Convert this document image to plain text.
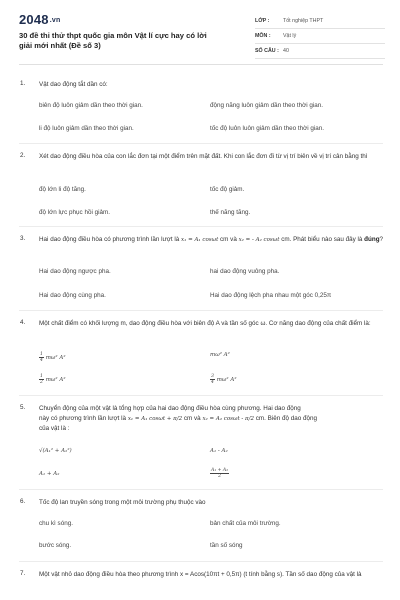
2048.vn
30 đề thi thử thpt quốc gia môn Vật lí cực hay có lời giải mới nhất (Đề số 3)
LỚP :	Tốt nghiệp THPT
MÔN :	Vật lý
SỐ CÂU : 40
1. Vật dao động tắt dần có:
biên độ luôn giảm dần theo thời gian.	động năng luôn giảm dần theo thời gian.
li độ luôn giảm dần theo thời gian.	tốc độ luôn luôn giảm dần theo thời gian.
2. Xét dao động điều hòa của con lắc đơn tại một điểm trên mặt đất. Khi con lắc đơn đi từ vị trí biên về vị trí cân bằng thì
độ lớn li độ tăng.	tốc độ giảm.
độ lớn lực phục hồi giảm.	thế năng tăng.
3. Hai dao động điều hòa có phương trình lần lượt là x₁ = A₁ cosωt cm và x₂ = - A₂ cosωt cm. Phát biểu nào sau đây là đúng?
Hai dao động ngược pha.	hai dao động vuông pha.
Hai dao động cùng pha.	Hai dao động lệch pha nhau một góc 0,25π
4. Một chất điểm có khối lượng m, dao động điều hòa với biên độ A và tần số góc ω. Cơ năng dao động của chất điểm là:
$\frac{1}{4} m\omega^2$ A²	mω² A²
$\frac{1}{2} m\omega^2$ A²	$\frac{3}{4} m\omega^2$ A²
5. Chuyển động của một vật là tổng hợp của hai dao động điều hòa cùng phương. Hai dao động
này có phương trình lần lượt là x₁ = A₁ cosωt + π/2 cm và x₂ = A₂ cosωt - π/2 cm. Biên độ dao động
của vật là :
√(A₁² + A₂²)	A₁ - A₂
A₁ + A₂	$\frac{\text{A₁ + A₂}}{2}$
6. Tốc độ lan truyền sóng trong một môi trường phụ thuộc vào
chu kì sóng.	bản chất của môi trường.
bước sóng.	tần số sóng
7. Một vật nhỏ dao động điều hòa theo phương trình x = Acos(10πt + 0,5π) (t tính bằng s). Tần số dao động của vật là
